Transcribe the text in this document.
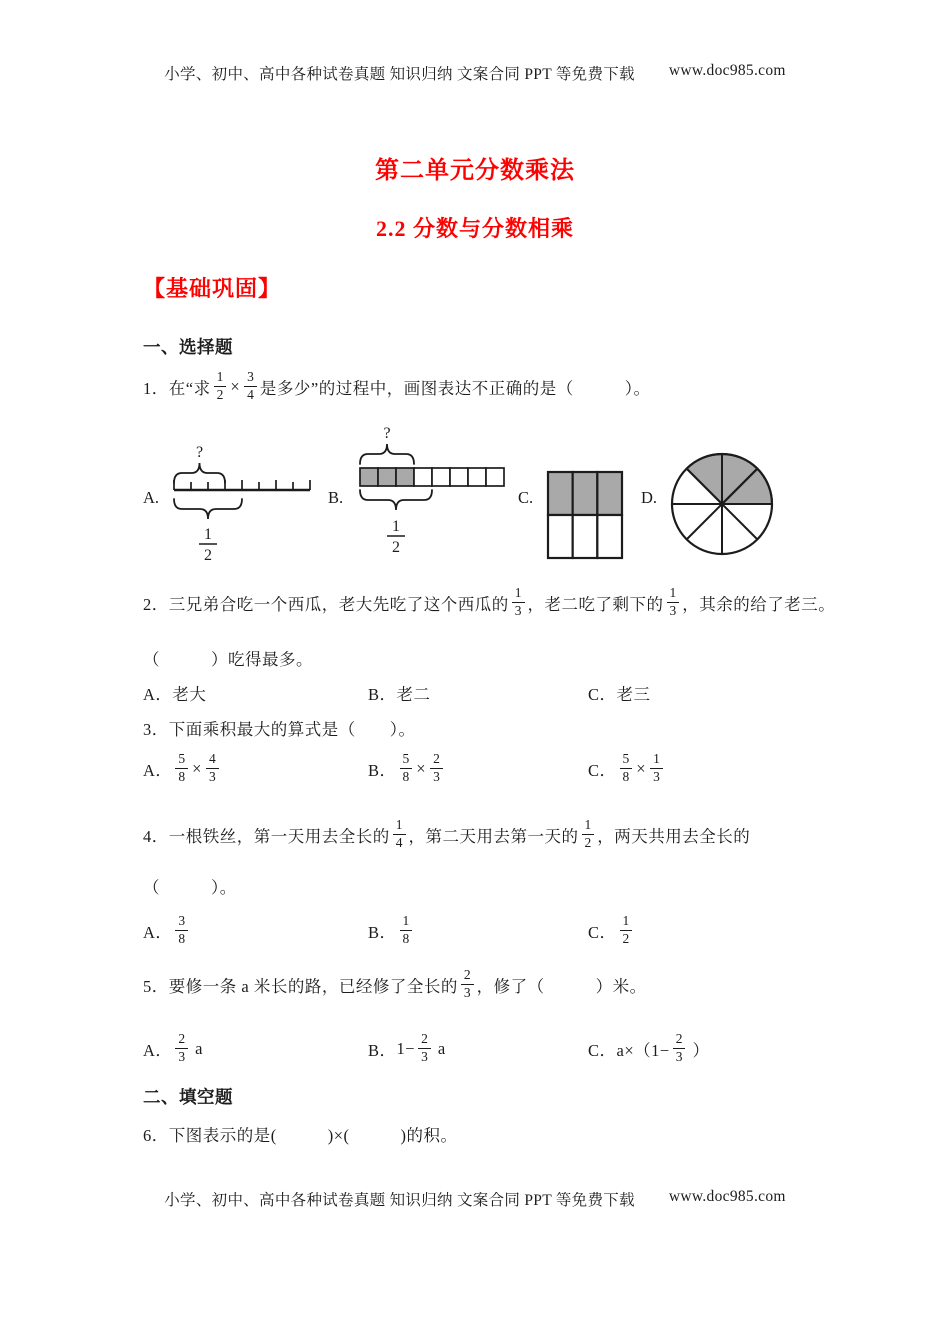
小学、初中、高中各种试卷真题 知识归纳 文案合同 PPT 等免费下载 www.doc985.com
第二单元分数乘法
2.2 分数与分数相乘
【基础巩固】
一、选择题
1．在“求 $\frac{1}{2} \times \frac{3}{4}$ 是多少”的过程中，画图表达不正确的是（　　　）。
A.
?
1
2
B.
?
1
2
C.	D.
2．三兄弟合吃一个西瓜，老大先吃了这个西瓜的 $\frac{1}{3}$ ，老二吃了剩下的 $\frac{1}{3}$ ，其余的给了老三。
（　　　）吃得最多。
A．老大	B．老二	C．老三
3．下面乘积最大的算式是（　　）。
A． $\frac{5}{8} \times \frac{4}{3}$	B． $\frac{5}{8} \times \frac{2}{3}$	C． $\frac{5}{8} \times \frac{1}{3}$
4．一根铁丝，第一天用去全长的 $\frac{1}{4}$ ，第二天用去第一天的 $\frac{1}{2}$ ，两天共用去全长的
（　　　）。
A． $\frac{3}{8}$	B． $\frac{1}{8}$	C． $\frac{1}{2}$
5．要修一条 a 米长的路，已经修了全长的 $\frac{2}{3}$ ，修了（　　　）米。
A． $\frac{2}{3}$ a	B． $1- \frac{2}{3}$ a	C． $a\times(1- \frac{2}{3}$ ）
二、填空题
6．下图表示的是(　　　)×(　　　)的积。
小学、初中、高中各种试卷真题 知识归纳 文案合同 PPT 等免费下载 www.doc985.com
